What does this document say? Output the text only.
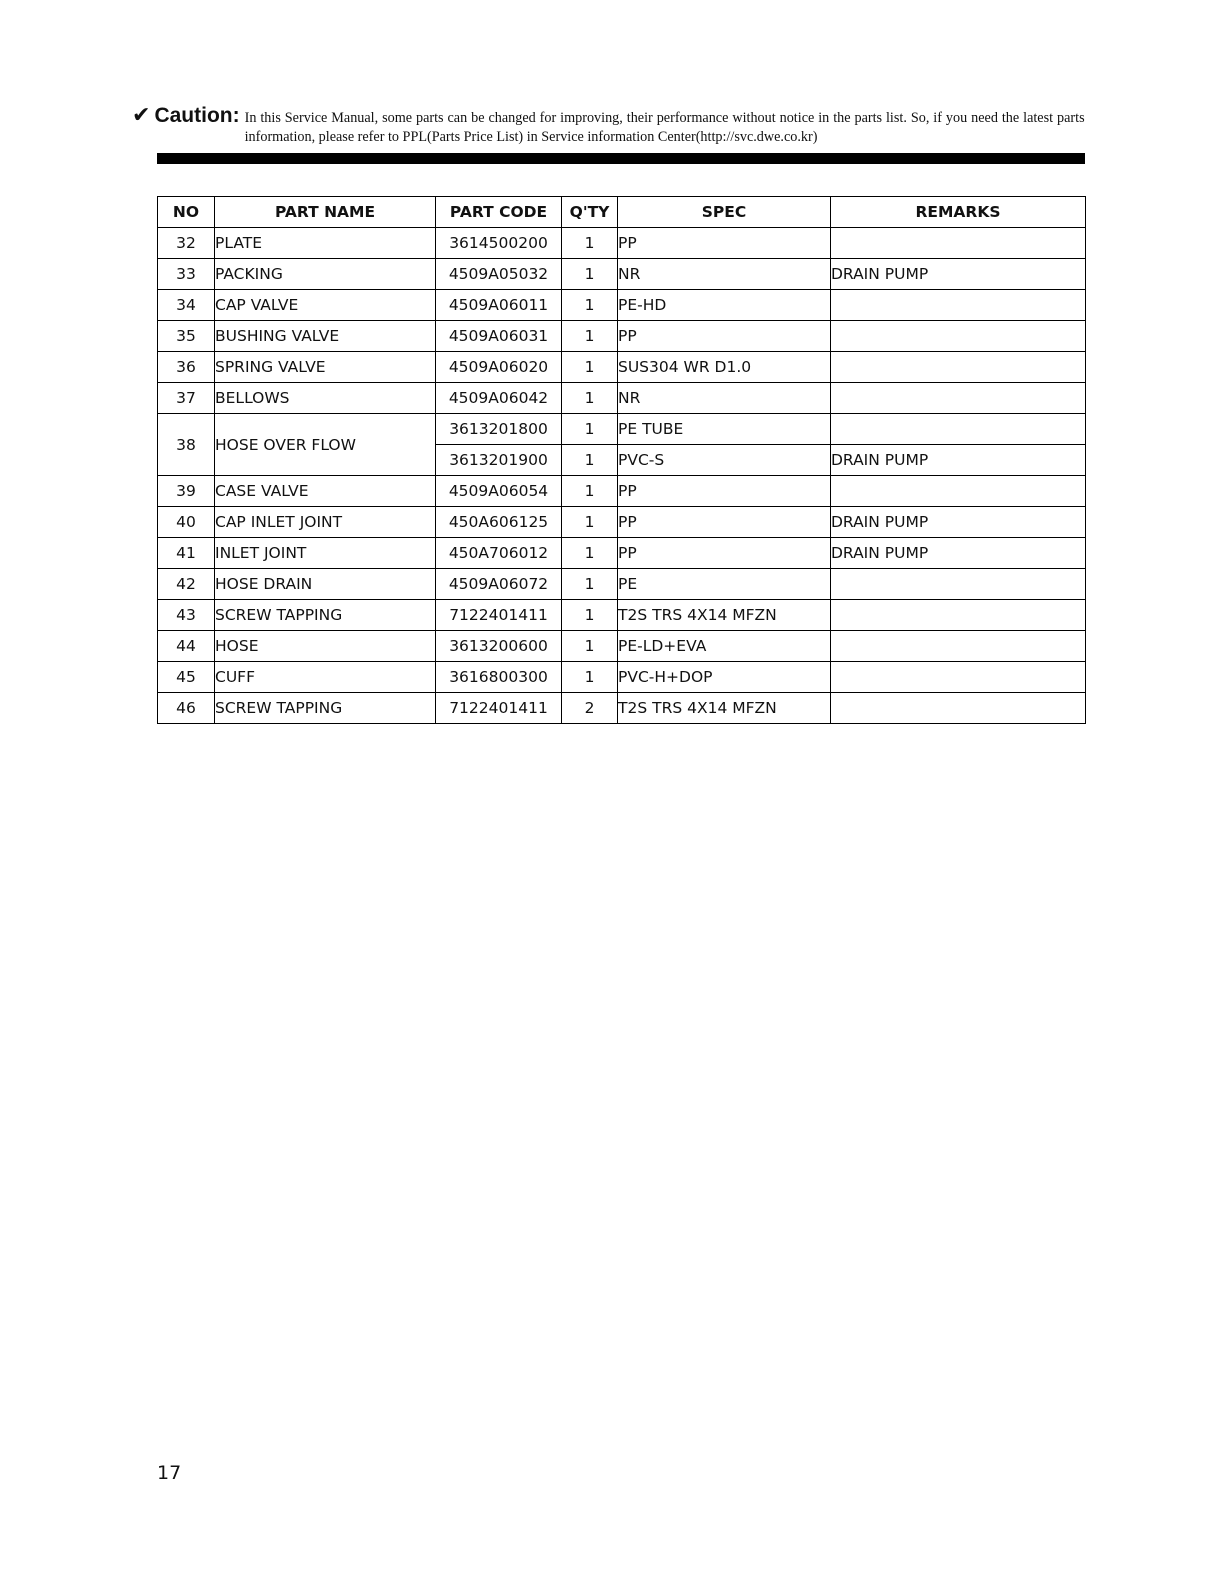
✔ Caution: In this Service Manual, some parts can be changed for improving, their performance without notice in the parts list. So, if you need the latest parts information, please refer to PPL(Parts Price List) in Service information Center(http://svc.dwe.co.kr)
NO	PART NAME	PART CODE	Q'TY	SPEC	REMARKS
32	PLATE	3614500200	1	PP	
33	PACKING	4509A05032	1	NR	DRAIN PUMP
34	CAP VALVE	4509A06011	1	PE-HD	
35	BUSHING VALVE	4509A06031	1	PP	
36	SPRING VALVE	4509A06020	1	SUS304 WR D1.0	
37	BELLOWS	4509A06042	1	NR	
38	HOSE OVER FLOW	3613201800	1	PE TUBE	
		3613201900	1	PVC-S	DRAIN PUMP
39	CASE VALVE	4509A06054	1	PP	
40	CAP INLET JOINT	450A606125	1	PP	DRAIN PUMP
41	INLET JOINT	450A706012	1	PP	DRAIN PUMP
42	HOSE DRAIN	4509A06072	1	PE	
43	SCREW TAPPING	7122401411	1	T2S TRS 4X14 MFZN	
44	HOSE	3613200600	1	PE-LD+EVA	
45	CUFF	3616800300	1	PVC-H+DOP	
46	SCREW TAPPING	7122401411	2	T2S TRS 4X14 MFZN	
17
